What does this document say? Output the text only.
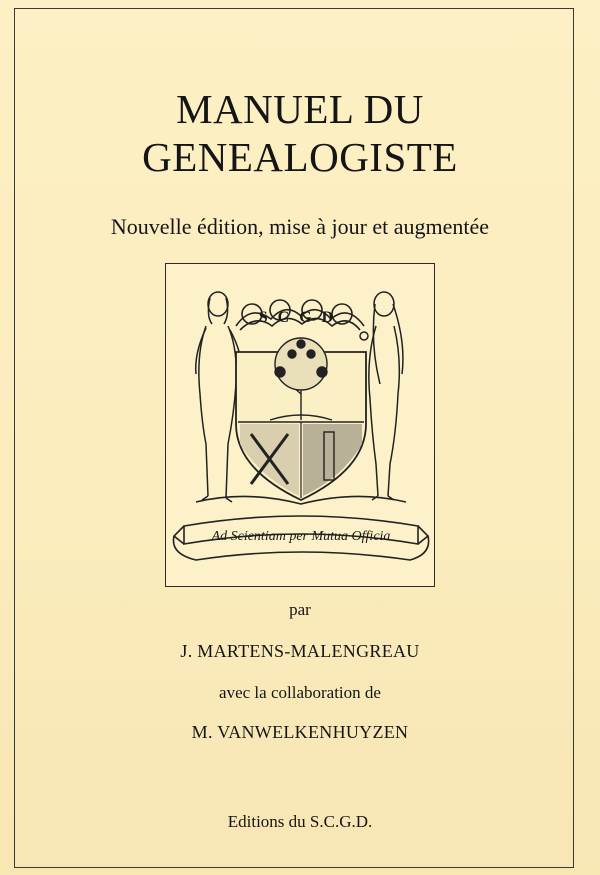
MANUEL DU
GENEALOGISTE
Nouvelle édition, mise à jour et augmentée
Ad Scientiam per Mutua Officia
SCGD
par
J. MARTENS-MALENGREAU
avec la collaboration de
M. VANWELKENHUYZEN
Editions du S.C.G.D.
